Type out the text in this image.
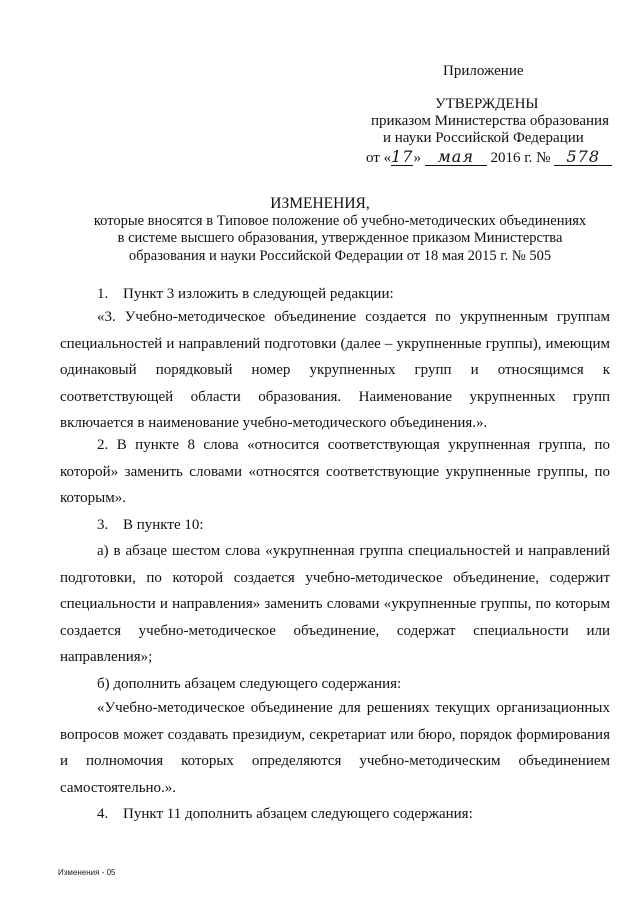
Приложение
УТВЕРЖДЕНЫ
приказом Министерства образования
и науки Российской Федерации
от «17» мая 2016 г. № 578
ИЗМЕНЕНИЯ,
которые вносятся в Типовое положение об учебно-методических объединениях
в системе высшего образования, утвержденное приказом Министерства
образования и науки Российской Федерации от 18 мая 2015 г. № 505
1. Пункт 3 изложить в следующей редакции:

«3. Учебно-методическое объединение создается по укрупненным группам специальностей и направлений подготовки (далее – укрупненные группы), имеющим одинаковый порядковый номер укрупненных групп и относящимся к соответствующей области образования. Наименование укрупненных групп включается в наименование учебно-методического объединения.».

2. В пункте 8 слова «относится соответствующая укрупненная группа, по которой» заменить словами «относятся соответствующие укрупненные группы, по которым».

3. В пункте 10:

а) в абзаце шестом слова «укрупненная группа специальностей и направлений подготовки, по которой создается учебно-методическое объединение, содержит специальности и направления» заменить словами «укрупненные группы, по которым создается учебно-методическое объединение, содержат специальности или направления»;

б) дополнить абзацем следующего содержания:

«Учебно-методическое объединение для решениях текущих организационных вопросов может создавать президиум, секретариат или бюро, порядок формирования и полномочия которых определяются учебно-методическим объединением самостоятельно.».

4. Пункт 11 дополнить абзацем следующего содержания:
Изменения - 05
